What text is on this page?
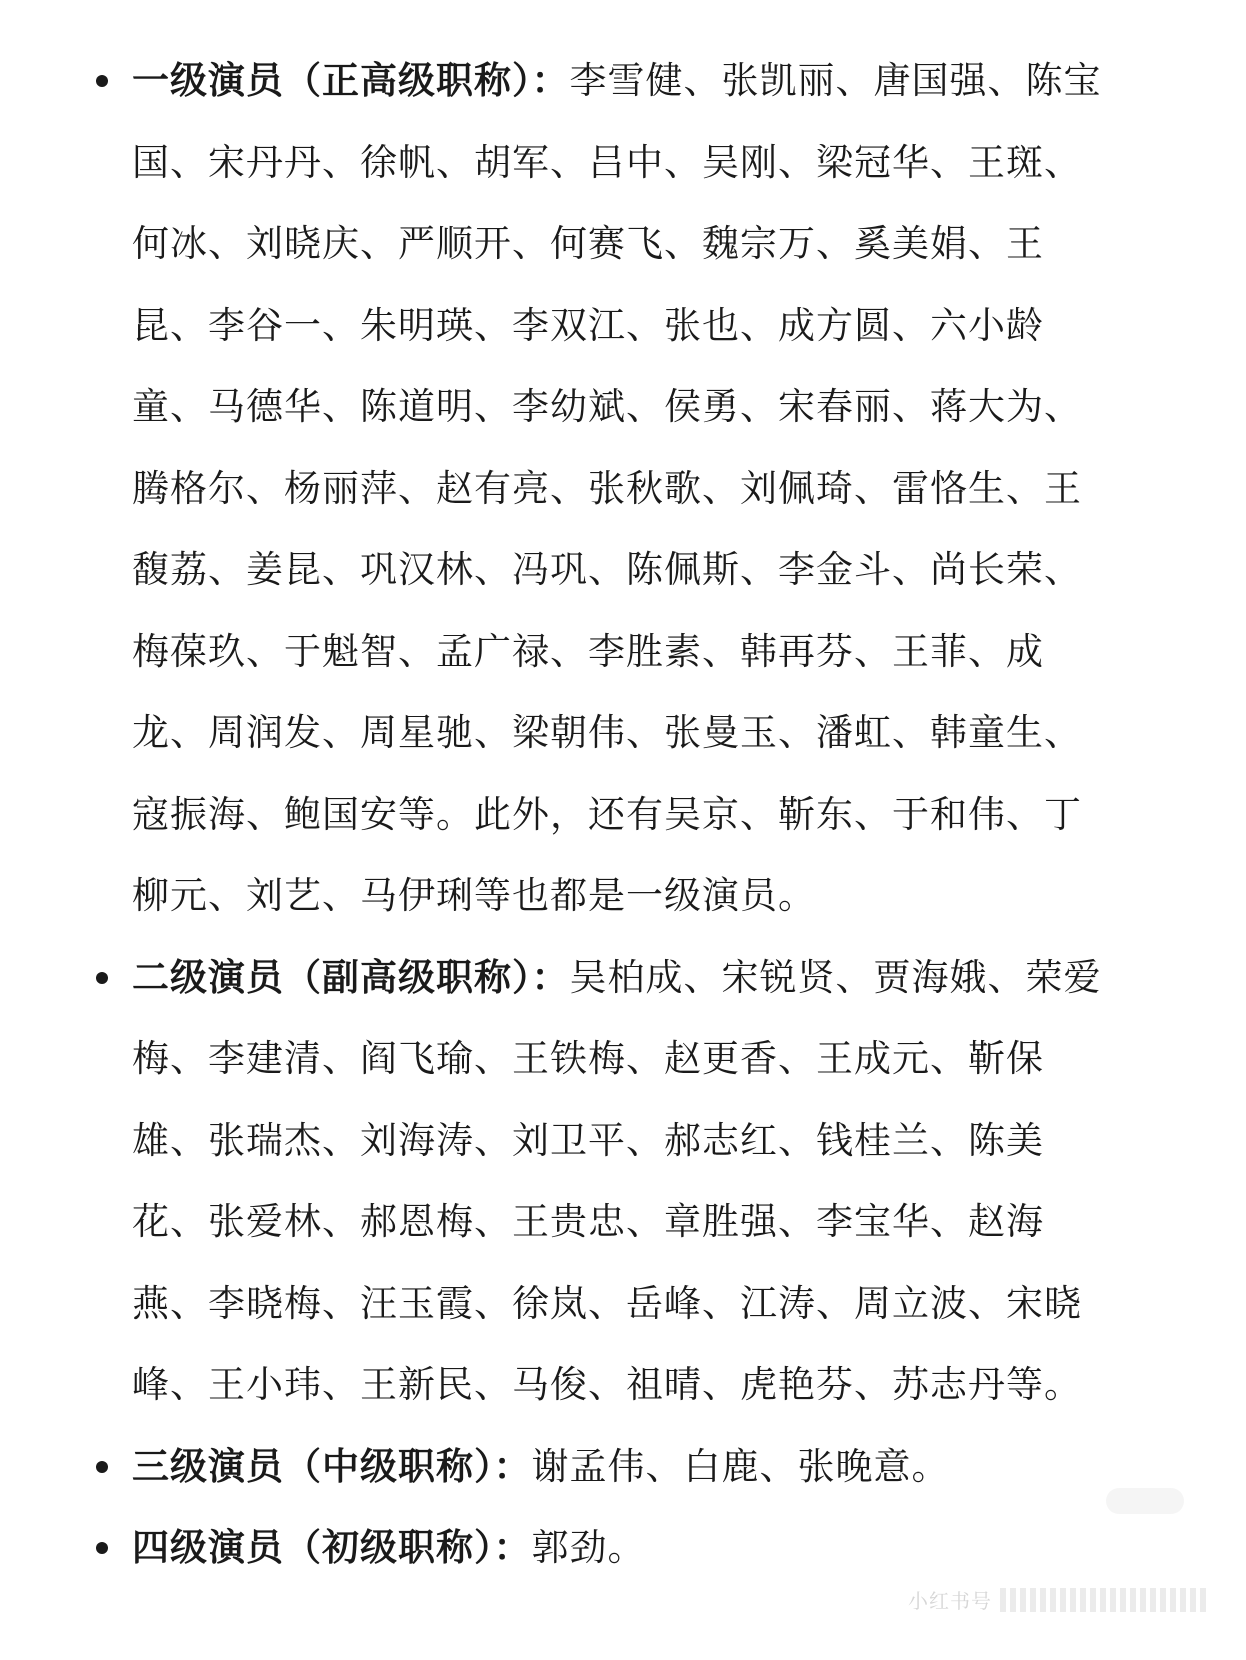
一级演员（正高级职称）：李雪健、张凯丽、唐国强、陈宝国、宋丹丹、徐帆、胡军、吕中、吴刚、梁冠华、王斑、何冰、刘晓庆、严顺开、何赛飞、魏宗万、奚美娟、王昆、李谷一、朱明瑛、李双江、张也、成方圆、六小龄童、马德华、陈道明、李幼斌、侯勇、宋春丽、蒋大为、腾格尔、杨丽萍、赵有亮、张秋歌、刘佩琦、雷恪生、王馥荔、姜昆、巩汉林、冯巩、陈佩斯、李金斗、尚长荣、梅葆玖、于魁智、孟广禄、李胜素、韩再芬、王菲、成龙、周润发、周星驰、梁朝伟、张曼玉、潘虹、韩童生、寇振海、鲍国安等。此外，还有吴京、靳东、于和伟、丁柳元、刘艺、马伊琍等也都是一级演员。
二级演员（副高级职称）：吴柏成、宋锐贤、贾海娥、荣爱梅、李建清、阎飞瑜、王铁梅、赵更香、王成元、靳保雄、张瑞杰、刘海涛、刘卫平、郝志红、钱桂兰、陈美花、张爱林、郝恩梅、王贵忠、章胜强、李宝华、赵海燕、李晓梅、汪玉霞、徐岚、岳峰、江涛、周立波、宋晓峰、王小玮、王新民、马俊、祖晴、虎艳芬、苏志丹等。
三级演员（中级职称）：谢孟伟、白鹿、张晚意。
四级演员（初级职称）：郭劲。
小红书号
